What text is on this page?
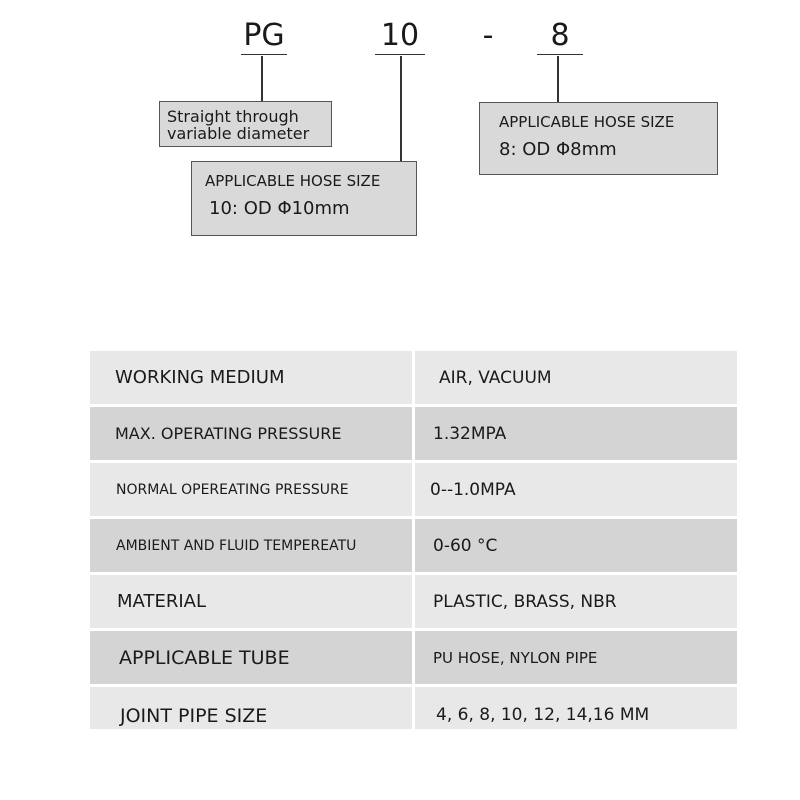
PG	10 -	8
Straight through
variable diameter
APPLICABLE HOSE SIZE
10: OD Φ10mm
APPLICABLE HOSE SIZE
8: OD Φ8mm
WORKING MEDIUM	AIR, VACUUM
MAX. OPERATING PRESSURE	1.32MPA
NORMAL OPEREATING PRESSURE	0--1.0MPA
AMBIENT AND FLUID TEMPEREATU	0-60 °C
MATERIAL	PLASTIC, BRASS, NBR
APPLICABLE TUBE	PU HOSE, NYLON PIPE
JOINT PIPE SIZE	4, 6, 8, 10, 12, 14,16 MM
